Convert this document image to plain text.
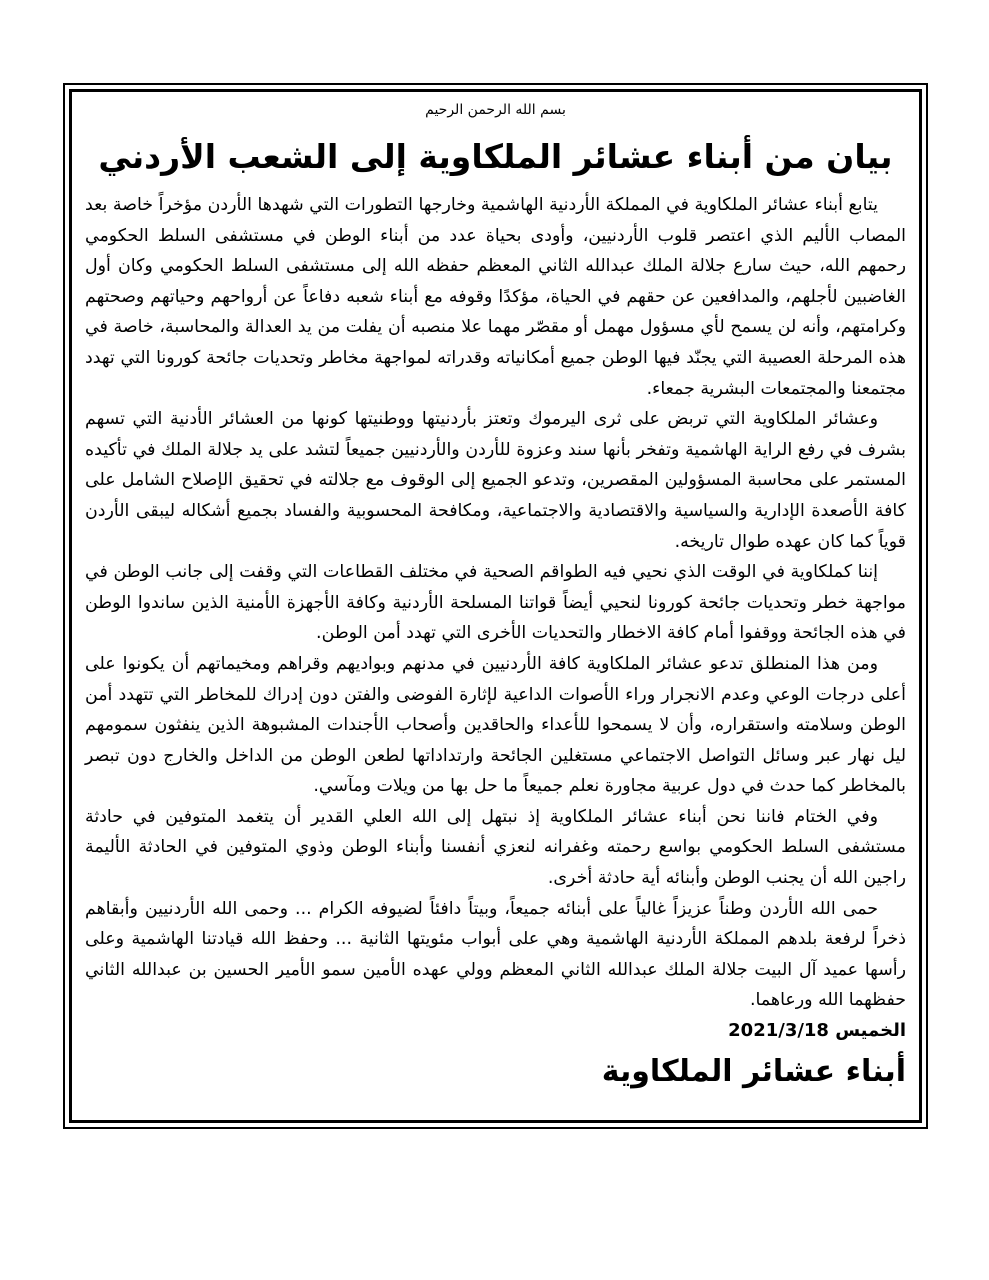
بسم الله الرحمن الرحيم

بيان من أبناء عشائر الملكاوية إلى الشعب الأردني

يتابع أبناء عشائر الملكاوية في المملكة الأردنية الهاشمية وخارجها التطورات التي شهدها الأردن مؤخراً خاصة بعد المصاب الأليم الذي اعتصر قلوب الأردنيين، وأودى بحياة عدد من أبناء الوطن في مستشفى السلط الحكومي رحمهم الله، حيث سارع جلالة الملك عبدالله الثاني المعظم حفظه الله إلى مستشفى السلط الحكومي وكان أول الغاضبين لأجلهم، والمدافعين عن حقهم في الحياة، مؤكدًا وقوفه مع أبناء شعبه دفاعاً عن أرواحهم وحياتهم وصحتهم وكرامتهم، وأنه لن يسمح لأي مسؤول مهمل أو مقصّر مهما علا منصبه أن يفلت من يد العدالة والمحاسبة، خاصة في هذه المرحلة العصيبة التي يجنّد فيها الوطن جميع أمكانياته وقدراته لمواجهة مخاطر وتحديات جائحة كورونا التي تهدد مجتمعنا والمجتمعات البشرية جمعاء.

وعشائر الملكاوية التي تربض على ثرى اليرموك وتعتز بأردنيتها ووطنيتها كونها من العشائر الأدنية التي تسهم بشرف في رفع الراية الهاشمية وتفخر بأنها سند وعزوة للأردن والأردنيين جميعاً لتشد على يد جلالة الملك في تأكيده المستمر على محاسبة المسؤولين المقصرين، وتدعو الجميع إلى الوقوف مع جلالته في تحقيق الإصلاح الشامل على كافة الأصعدة الإدارية والسياسية والاقتصادية والاجتماعية، ومكافحة المحسوبية والفساد بجميع أشكاله ليبقى الأردن قوياً كما كان عهده طوال تاريخه.

إننا كملكاوية في الوقت الذي نحيي فيه الطواقم الصحية في مختلف القطاعات التي وقفت إلى جانب الوطن في مواجهة خطر وتحديات جائحة كورونا لنحيي أيضاً قواتنا المسلحة الأردنية وكافة الأجهزة الأمنية الذين ساندوا الوطن في هذه الجائحة ووقفوا أمام كافة الاخطار والتحديات الأخرى التي تهدد أمن الوطن.

ومن هذا المنطلق تدعو عشائر الملكاوية كافة الأردنيين في مدنهم وبواديهم وقراهم ومخيماتهم أن يكونوا على أعلى درجات الوعي وعدم الانجرار وراء الأصوات الداعية لإثارة الفوضى والفتن دون إدراك للمخاطر التي تتهدد أمن الوطن وسلامته واستقراره، وأن لا يسمحوا للأعداء والحاقدين وأصحاب الأجندات المشبوهة الذين ينفثون سمومهم ليل نهار عبر وسائل التواصل الاجتماعي مستغلين الجائحة وارتداداتها لطعن الوطن من الداخل والخارج دون تبصر بالمخاطر كما حدث في دول عربية مجاورة نعلم جميعاً ما حل بها من ويلات ومآسي.

وفي الختام فاننا نحن أبناء عشائر الملكاوية إذ نبتهل إلى الله العلي القدير أن يتغمد المتوفين في حادثة مستشفى السلط الحكومي بواسع رحمته وغفرانه لنعزي أنفسنا وأبناء الوطن وذوي المتوفين في الحادثة الأليمة راجين الله أن يجنب الوطن وأبنائه أية حادثة أخرى.

حمى الله الأردن وطناً عزيزاً غالياً على أبنائه جميعاً، وبيتاً دافئاً لضيوفه الكرام ... وحمى الله الأردنيين وأبقاهم ذخراً لرفعة بلدهم المملكة الأردنية الهاشمية وهي على أبواب مئويتها الثانية ... وحفظ الله قيادتنا الهاشمية وعلى رأسها عميد آل البيت جلالة الملك عبدالله الثاني المعظم وولي عهده الأمين سمو الأمير الحسين بن عبدالله الثاني حفظهما الله ورعاهما.

الخميس 2021/3/18

أبناء عشائر الملكاوية
